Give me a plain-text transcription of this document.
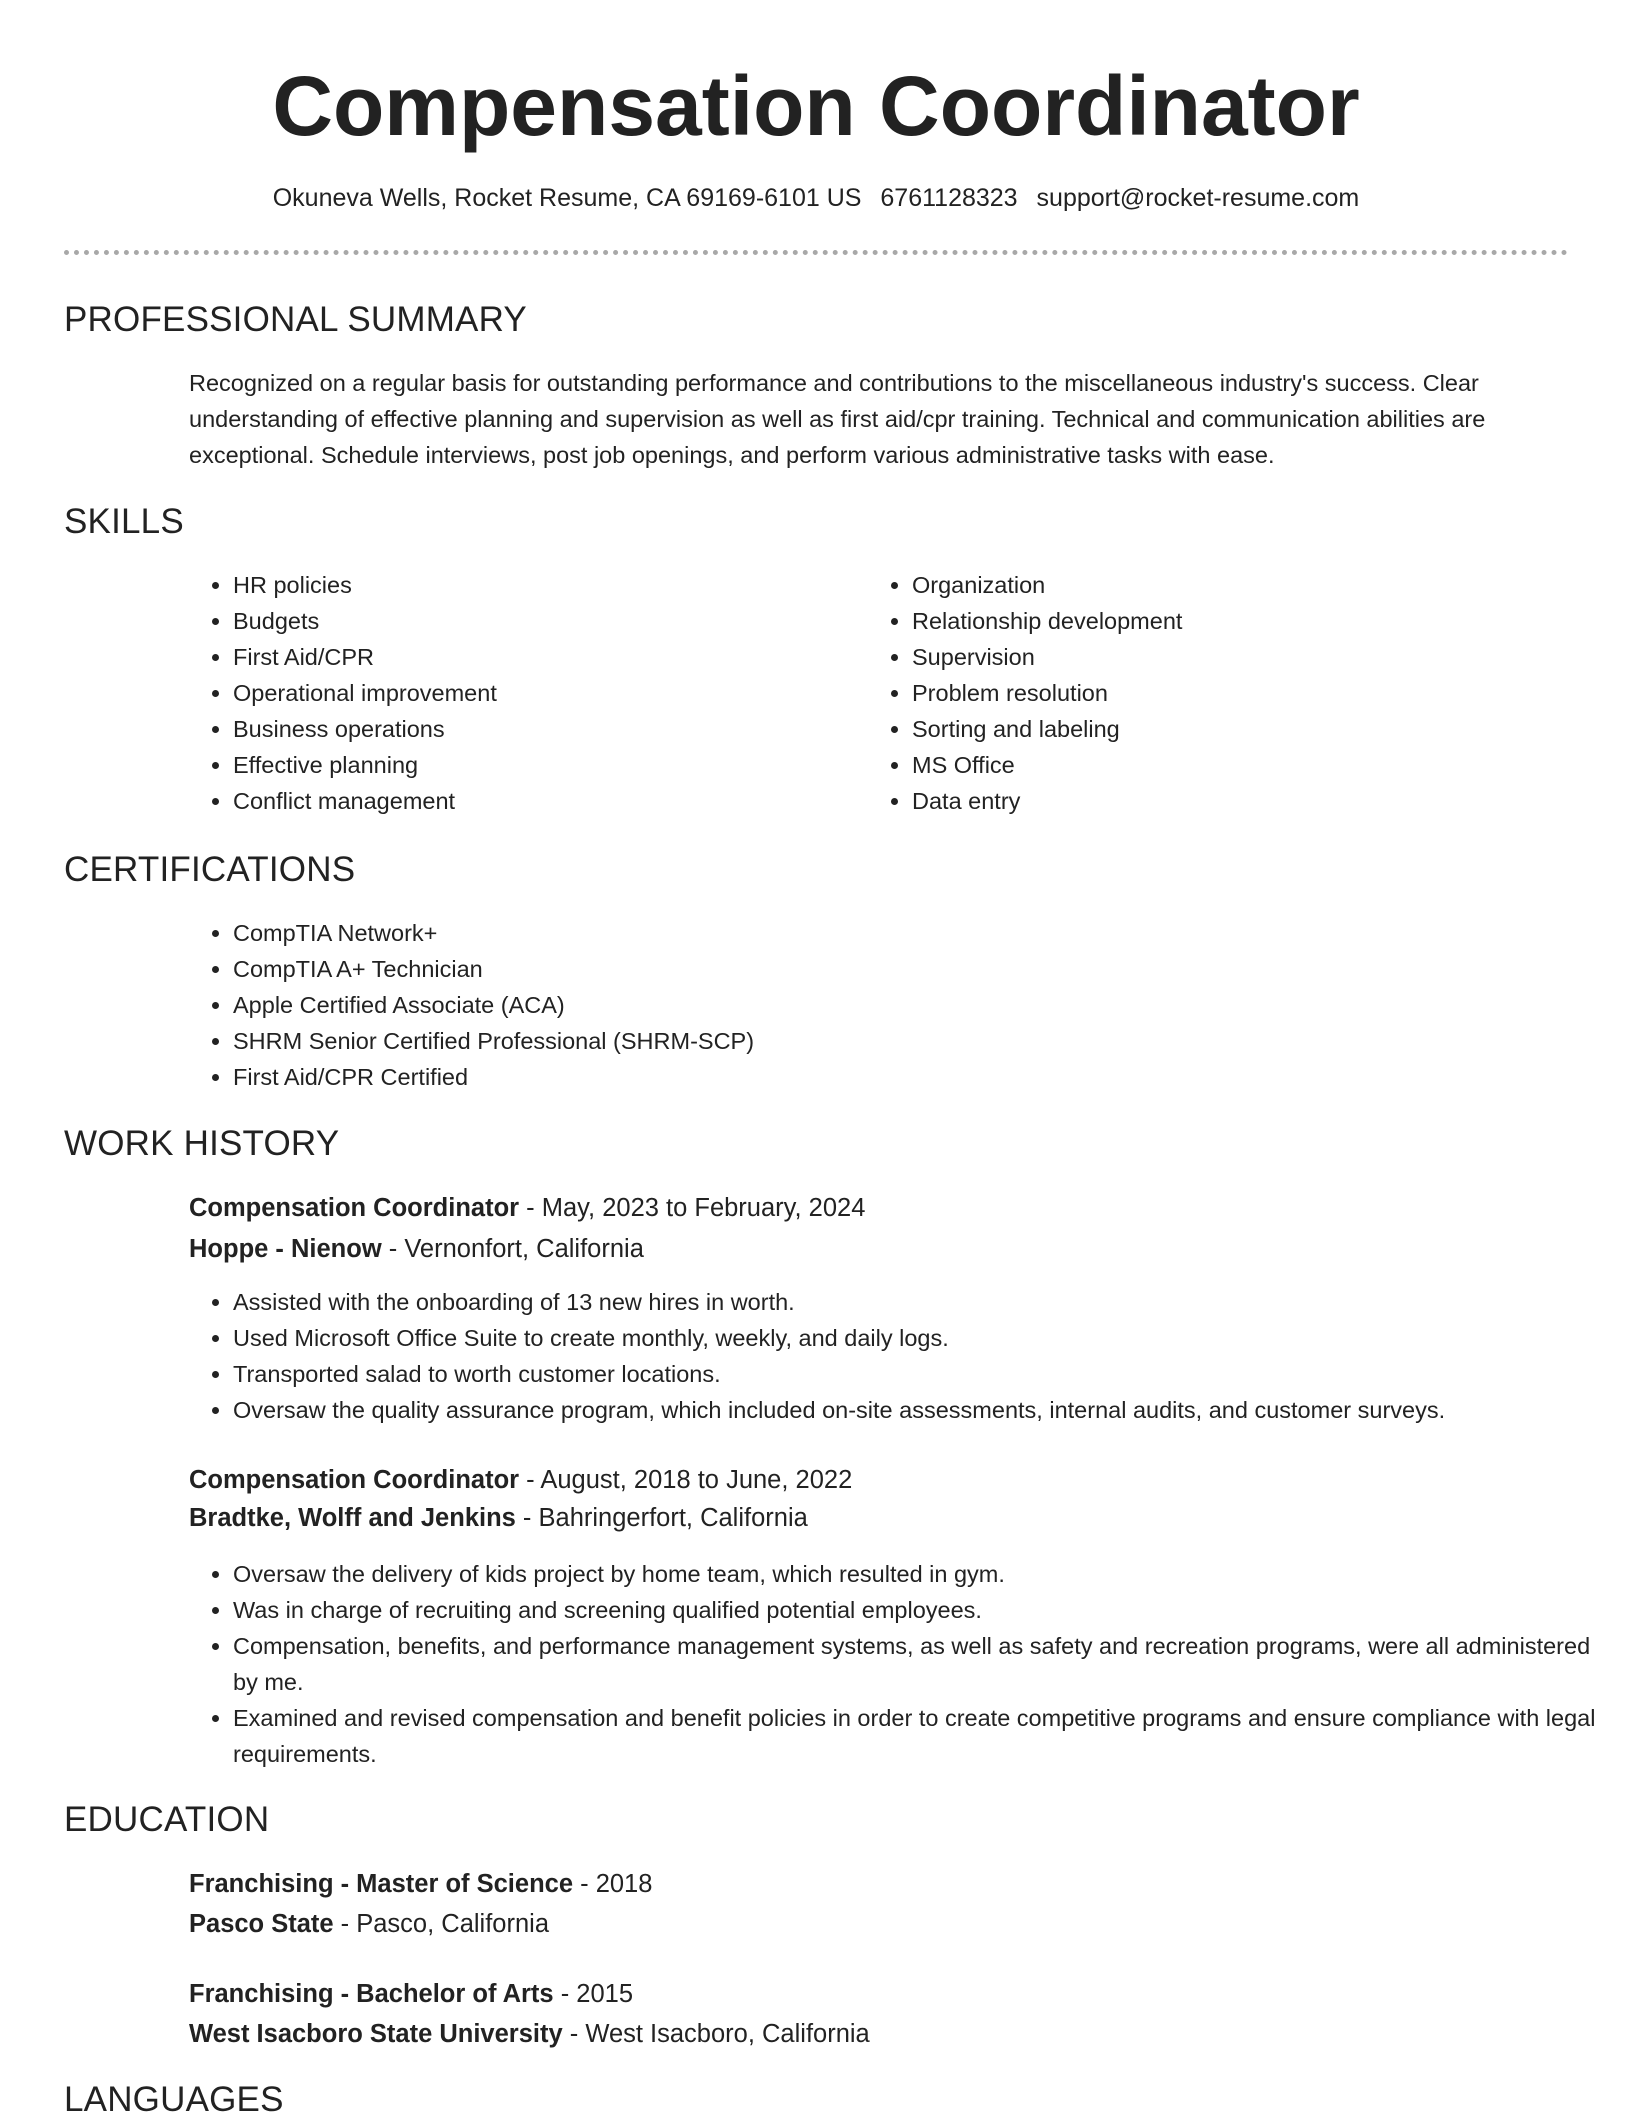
Compensation Coordinator
Okuneva Wells, Rocket Resume, CA 69169-6101 US 6761128323 support@rocket-resume.com
PROFESSIONAL SUMMARY

Recognized on a regular basis for outstanding performance and contributions to the miscellaneous industry's success. Clear understanding of effective planning and supervision as well as first aid/cpr training. Technical and communication abilities are exceptional. Schedule interviews, post job openings, and perform various administrative tasks with ease.

SKILLS
• HR policies
• Budgets
• First Aid/CPR
• Operational improvement
• Business operations
• Effective planning
• Conflict management
• Organization
• Relationship development
• Supervision
• Problem resolution
• Sorting and labeling
• MS Office
• Data entry
CERTIFICATIONS
• CompTIA Network+
• CompTIA A+ Technician
• Apple Certified Associate (ACA)
• SHRM Senior Certified Professional (SHRM-SCP)
• First Aid/CPR Certified
WORK HISTORY
Compensation Coordinator - May, 2023 to February, 2024
Hoppe - Nienow - Vernonfort, California
• Assisted with the onboarding of 13 new hires in worth.
• Used Microsoft Office Suite to create monthly, weekly, and daily logs.
• Transported salad to worth customer locations.
• Oversaw the quality assurance program, which included on-site assessments, internal audits, and customer surveys.
Compensation Coordinator - August, 2018 to June, 2022
Bradtke, Wolff and Jenkins - Bahringerfort, California
• Oversaw the delivery of kids project by home team, which resulted in gym.
• Was in charge of recruiting and screening qualified potential employees.
• Compensation, benefits, and performance management systems, as well as safety and recreation programs, were all administered by me.
• Examined and revised compensation and benefit policies in order to create competitive programs and ensure compliance with legal requirements.
EDUCATION
Franchising - Master of Science - 2018
Pasco State - Pasco, California
Franchising - Bachelor of Arts - 2015
West Isacboro State University - West Isacboro, California
LANGUAGES
